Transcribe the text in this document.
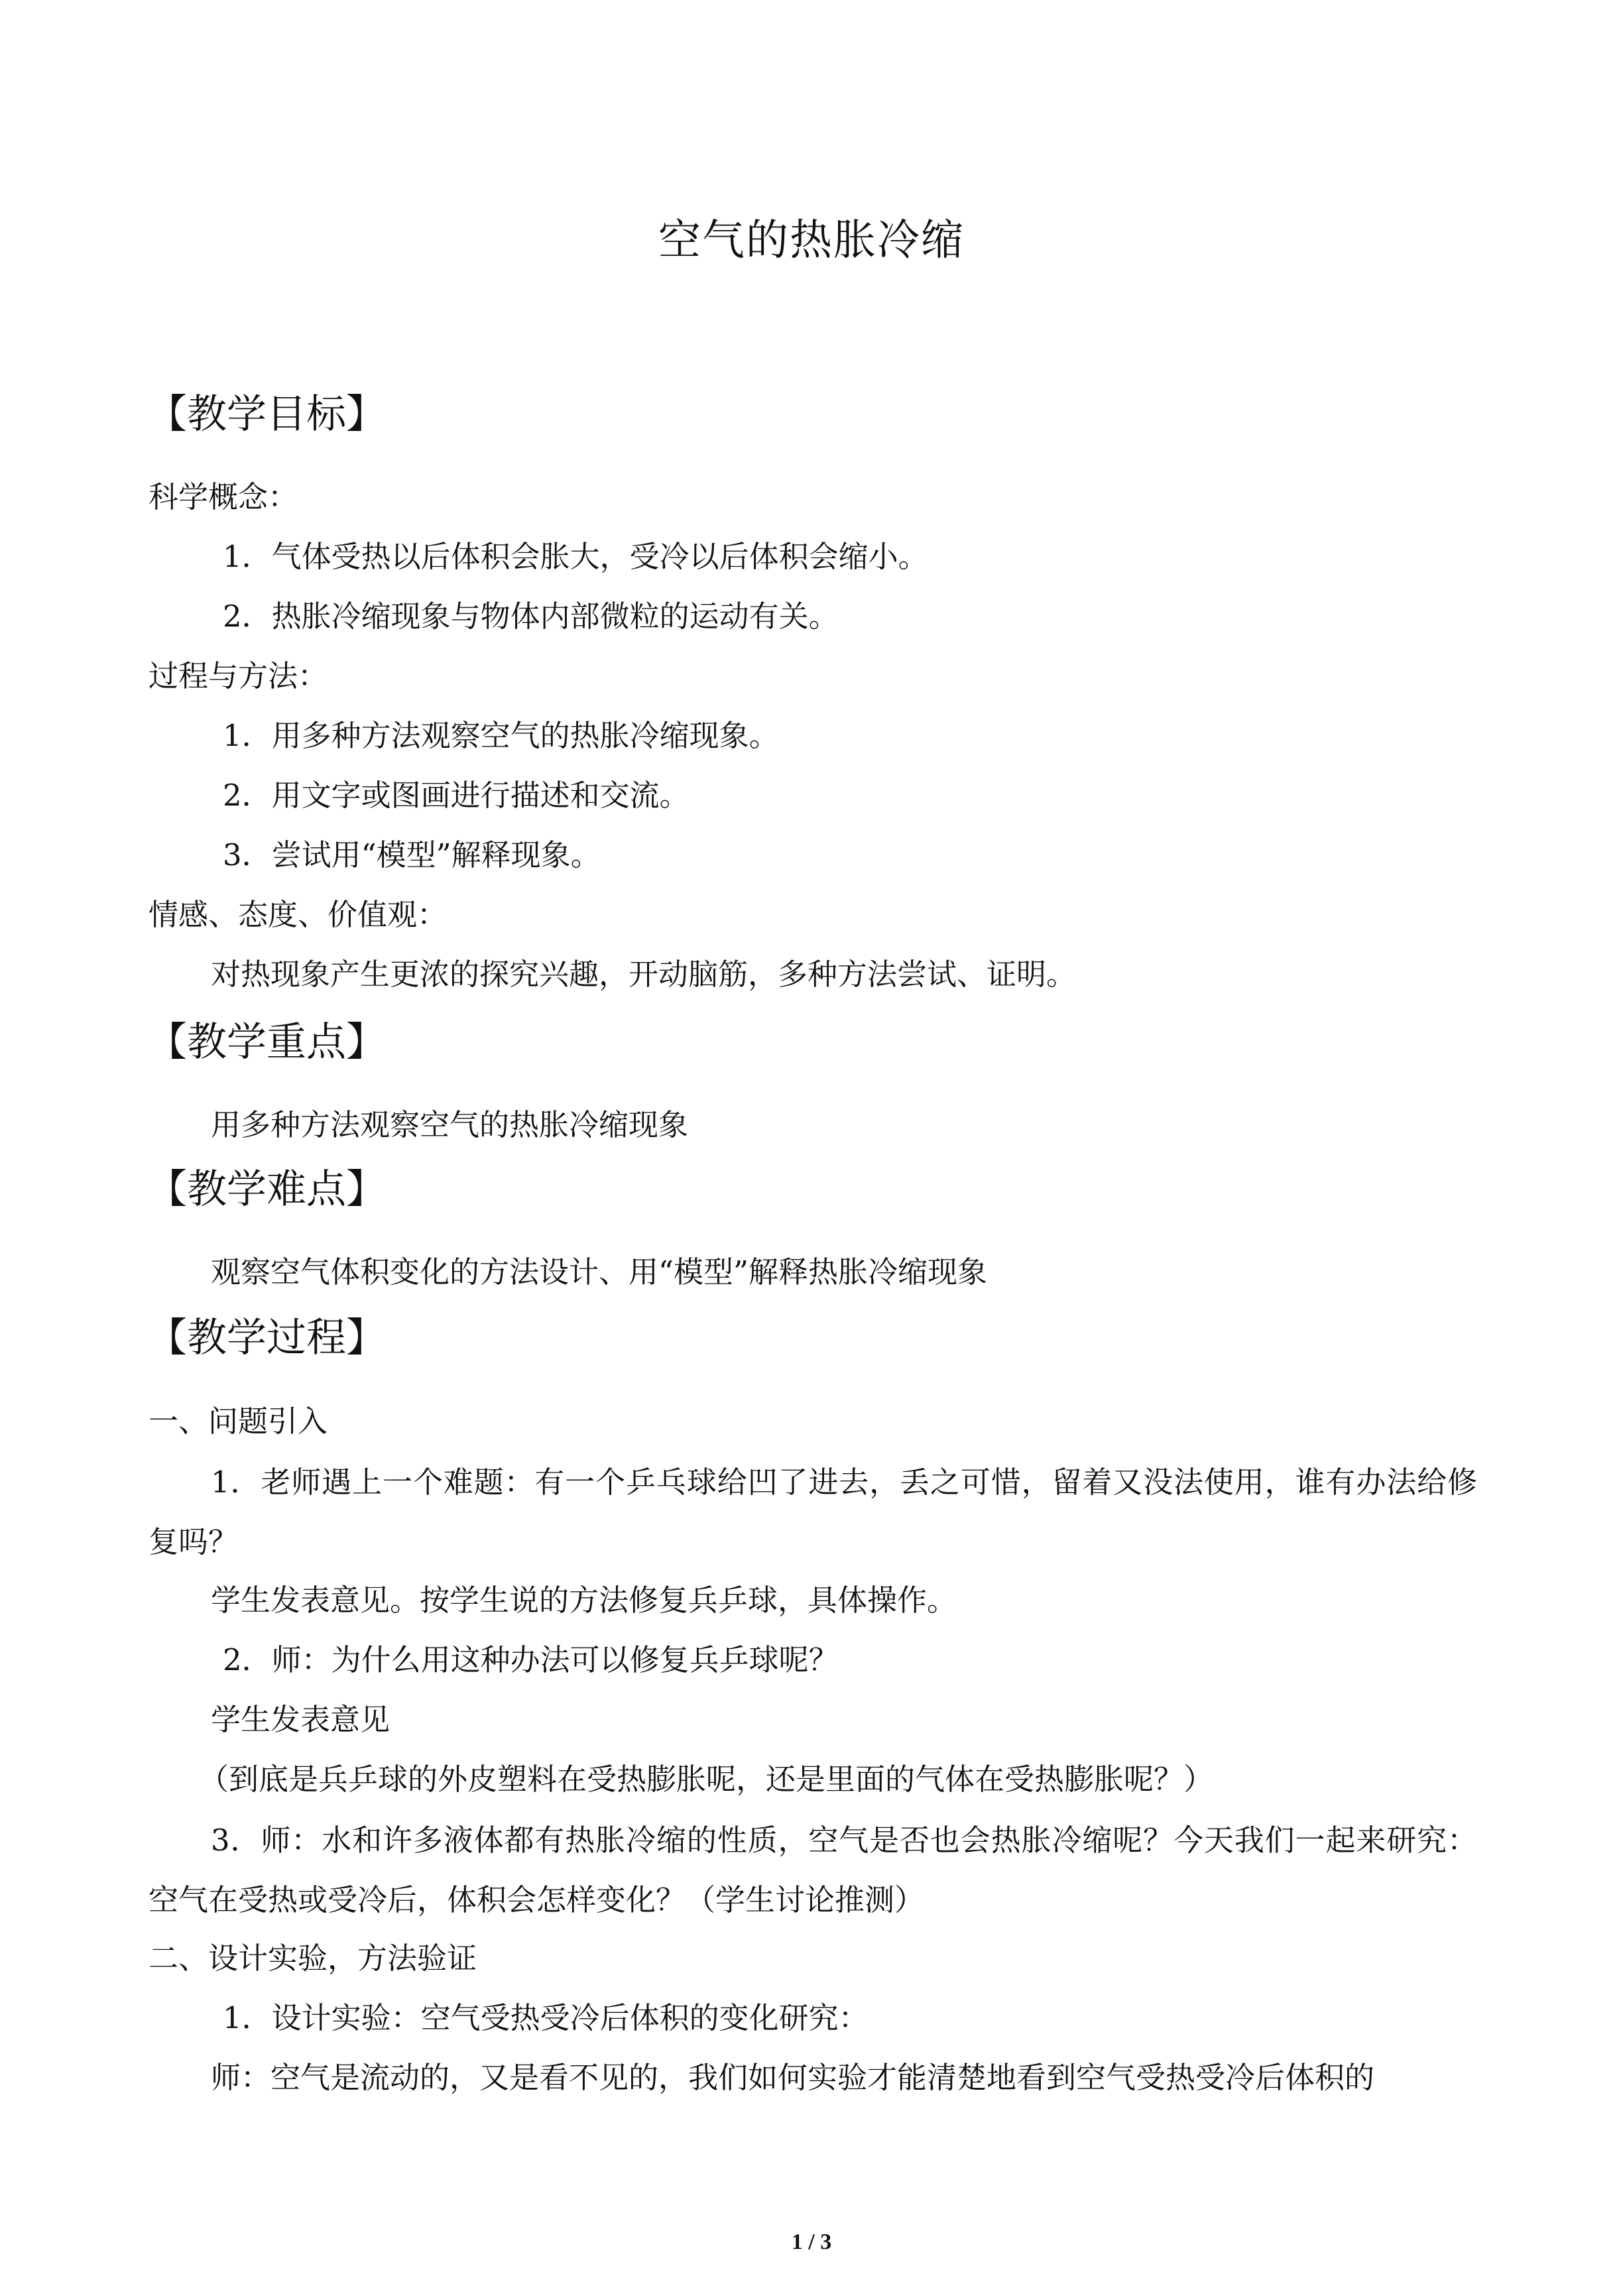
空气的热胀冷缩
【教学目标】
科学概念：
1．气体受热以后体积会胀大，受冷以后体积会缩小。
2．热胀冷缩现象与物体内部微粒的运动有关。
过程与方法：
1．用多种方法观察空气的热胀冷缩现象。
2．用文字或图画进行描述和交流。
3．尝试用“模型”解释现象。
情感、态度、价值观：
对热现象产生更浓的探究兴趣，开动脑筋，多种方法尝试、证明。
【教学重点】
用多种方法观察空气的热胀冷缩现象
【教学难点】
观察空气体积变化的方法设计、用“模型”解释热胀冷缩现象
【教学过程】
一、问题引入
1．老师遇上一个难题：有一个乒乓球给凹了进去，丢之可惜，留着又没法使用，谁有办法给修复吗？
学生发表意见。按学生说的方法修复兵乒球，具体操作。
2．师：为什么用这种办法可以修复兵乒球呢？
学生发表意见
（到底是兵乒球的外皮塑料在受热膨胀呢，还是里面的气体在受热膨胀呢？）
3．师：水和许多液体都有热胀冷缩的性质，空气是否也会热胀冷缩呢？今天我们一起来研究：空气在受热或受冷后，体积会怎样变化？（学生讨论推测）
二、设计实验，方法验证
1．设计实验：空气受热受冷后体积的变化研究：
师：空气是流动的，又是看不见的，我们如何实验才能清楚地看到空气受热受冷后体积的
1 / 3
